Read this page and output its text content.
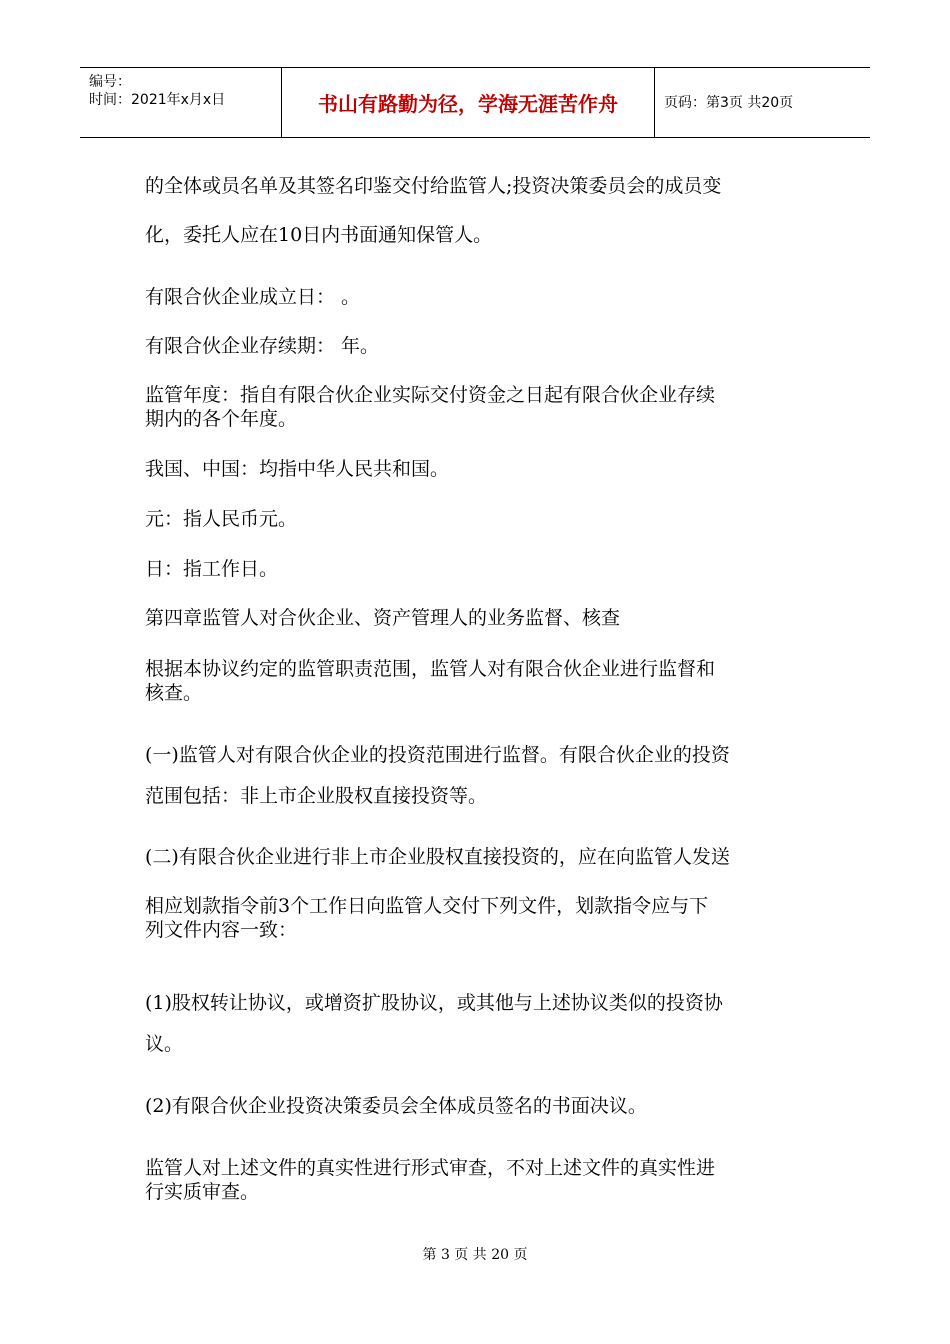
编号：
时间：2021年x月x日	书山有路勤为径，学海无涯苦作舟	页码：第3页 共20页

的全体或员名单及其签名印鉴交付给监管人;投资决策委员会的成员变

化，委托人应在10日内书面通知保管人。

有限合伙企业成立日： 。

有限合伙企业存续期： 年。

监管年度：指自有限合伙企业实际交付资金之日起有限合伙企业存续
期内的各个年度。

我国、中国：均指中华人民共和国。

元：指人民币元。

日：指工作日。

第四章监管人对合伙企业、资产管理人的业务监督、核查

根据本协议约定的监管职责范围，监管人对有限合伙企业进行监督和
核查。

(一)监管人对有限合伙企业的投资范围进行监督。有限合伙企业的投资

范围包括：非上市企业股权直接投资等。

(二)有限合伙企业进行非上市企业股权直接投资的，应在向监管人发送

相应划款指令前3个工作日向监管人交付下列文件，划款指令应与下
列文件内容一致：

(1)股权转让协议，或增资扩股协议，或其他与上述协议类似的投资协

议。

(2)有限合伙企业投资决策委员会全体成员签名的书面决议。

监管人对上述文件的真实性进行形式审查，不对上述文件的真实性进
行实质审查。

第 3 页 共 20 页
